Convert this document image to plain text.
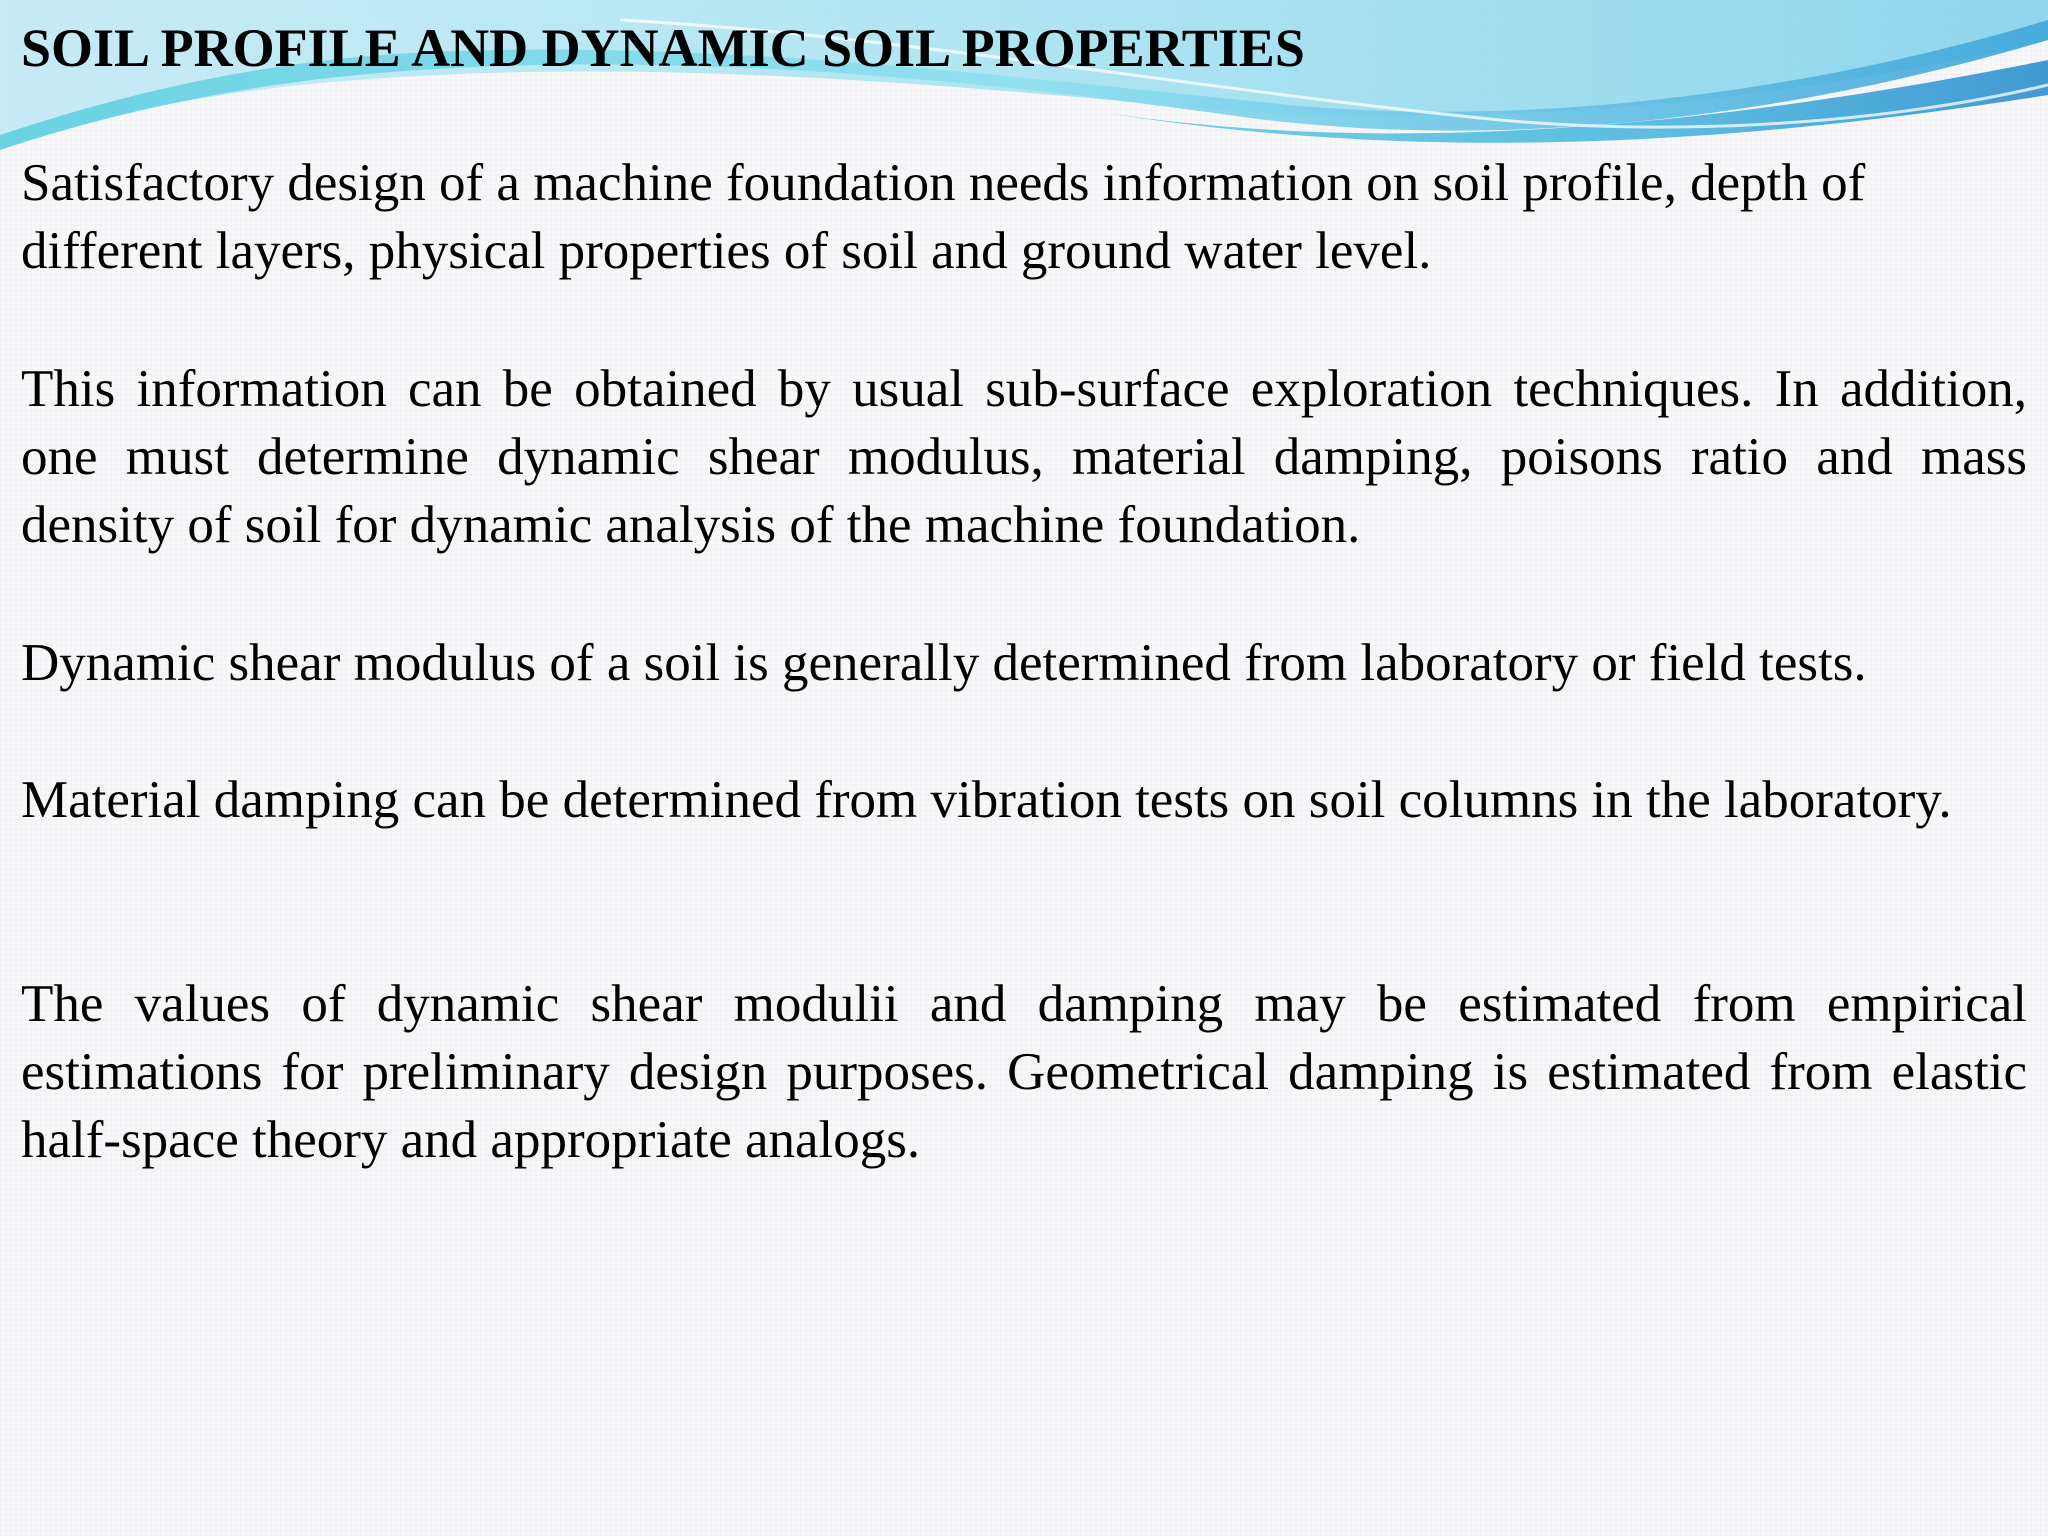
SOIL PROFILE AND DYNAMIC SOIL PROPERTIES

Satisfactory design of a machine foundation needs information on soil profile, depth of different layers, physical properties of soil and ground water level.

This information can be obtained by usual sub-surface exploration techniques. In addition, one must determine dynamic shear modulus, material damping, poisons ratio and mass density of soil for dynamic analysis of the machine foundation.

Dynamic shear modulus of a soil is generally determined from laboratory or field tests.

Material damping can be determined from vibration tests on soil columns in the laboratory.

The values of dynamic shear modulii and damping may be estimated from empirical estimations for preliminary design purposes. Geometrical damping is estimated from elastic half-space theory and appropriate analogs.
